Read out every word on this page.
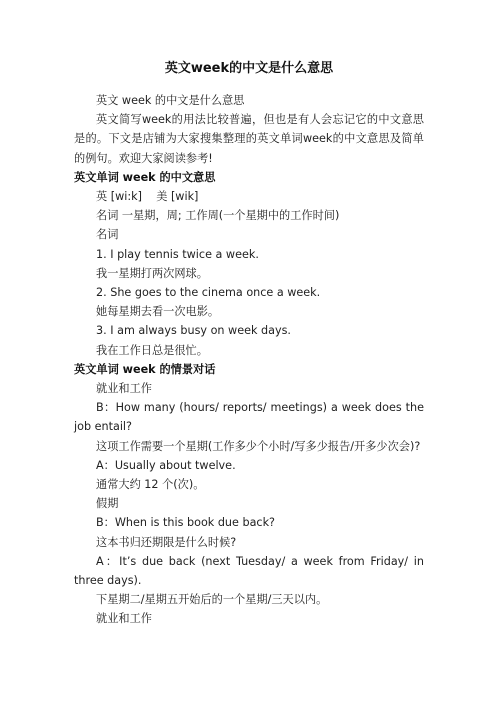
英文week的中文是什么意思

英文 week 的中文是什么意思

英文简写week的用法比较普遍，但也是有人会忘记它的中文意思是的。下文是店铺为大家搜集整理的英文单词week的中文意思及简单的例句。欢迎大家阅读参考!

英文单词 week 的中文意思

英 [wi:k]    美 [wik]

名词 一星期，周; 工作周(一个星期中的工作时间)

名词

1. I play tennis twice a week.

我一星期打两次网球。

2. She goes to the cinema once a week.

她每星期去看一次电影。

3. I am always busy on week days.

我在工作日总是很忙。

英文单词 week 的情景对话

就业和工作

B：How many (hours/ reports/ meetings) a week does the job entail?

这项工作需要一个星期(工作多少个小时/写多少报告/开多少次会)?

A：Usually about twelve.

通常大约 12 个(次)。

假期

B：When is this book due back?

这本书归还期限是什么时候?

A：It’s due back (next Tuesday/ a week from Friday/ in three days).

下星期二/星期五开始后的一个星期/三天以内。

就业和工作
